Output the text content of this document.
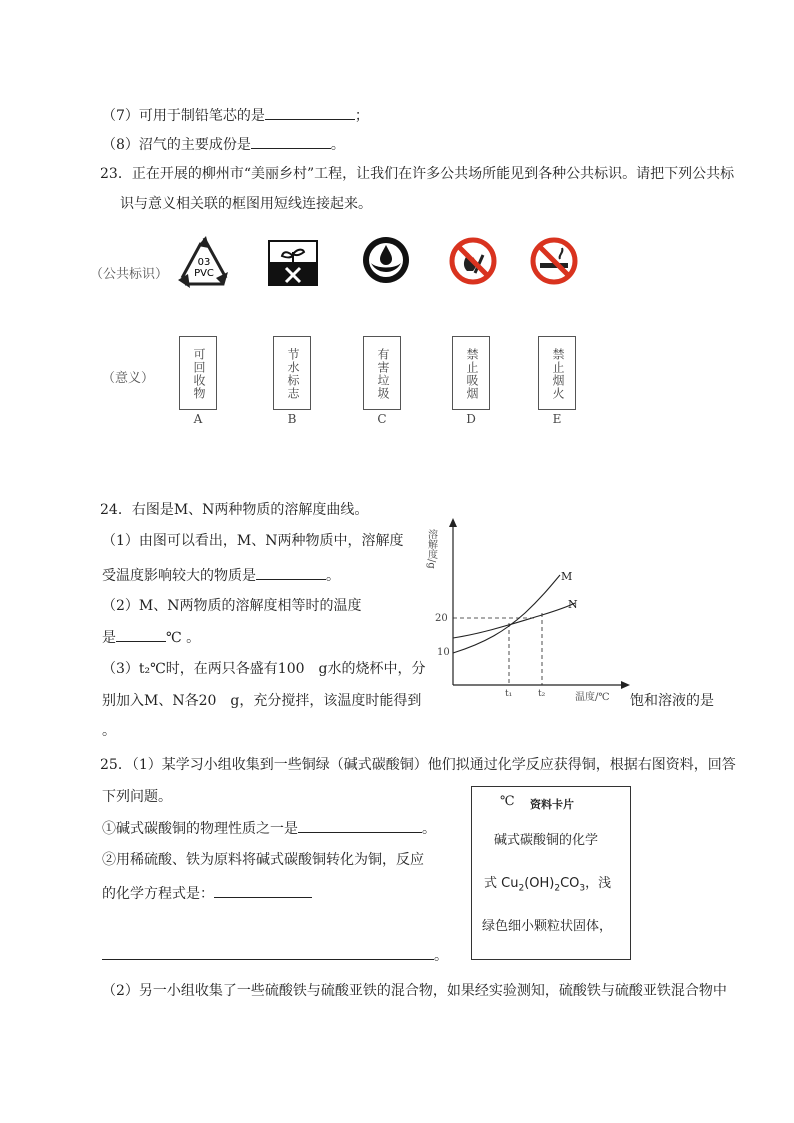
（7）可用于制铅笔芯的是	；
（8）沼气的主要成份是	。
23．正在开展的柳州市“美丽乡村”工程，让我们在许多公共场所能见到各种公共标识。请把下列公共标
识与意义相关联的框图用短线连接起来。
（公共标识）
（意义）
03
PVC
可回收物
A
节水标志
B
有害垃圾
C
禁止吸烟
D
禁止烟火
E
24．右图是M、N两种物质的溶解度曲线。
（1）由图可以看出，M、N两种物质中，溶解度
受温度影响较大的物质是	。
（2）M、N两物质的溶解度相等时的温度
是	℃ 。
（3）t₂℃时，在两只各盛有100　g水的烧杯中，分
别加入M、N各20　g，充分搅拌，该温度时能得到	饱和溶液的是
。
溶解度/g
温度/℃
20
10
t₁	t₂
M
N
25．（1）某学习小组收集到一些铜绿（碱式碳酸铜）他们拟通过化学反应获得铜，根据右图资料，回答
下列问题。
①碱式碳酸铜的物理性质之一是	。
②用稀硫酸、铁为原料将碱式碳酸铜转化为铜，反应
的化学方程式是：
。
℃ 资料卡片
碱式碳酸铜的化学
式 $Cu_2(OH)_2CO_3$，浅
绿色细小颗粒状固体，
（2）另一小组收集了一些硫酸铁与硫酸亚铁的混合物，如果经实验测知，硫酸铁与硫酸亚铁混合物中
